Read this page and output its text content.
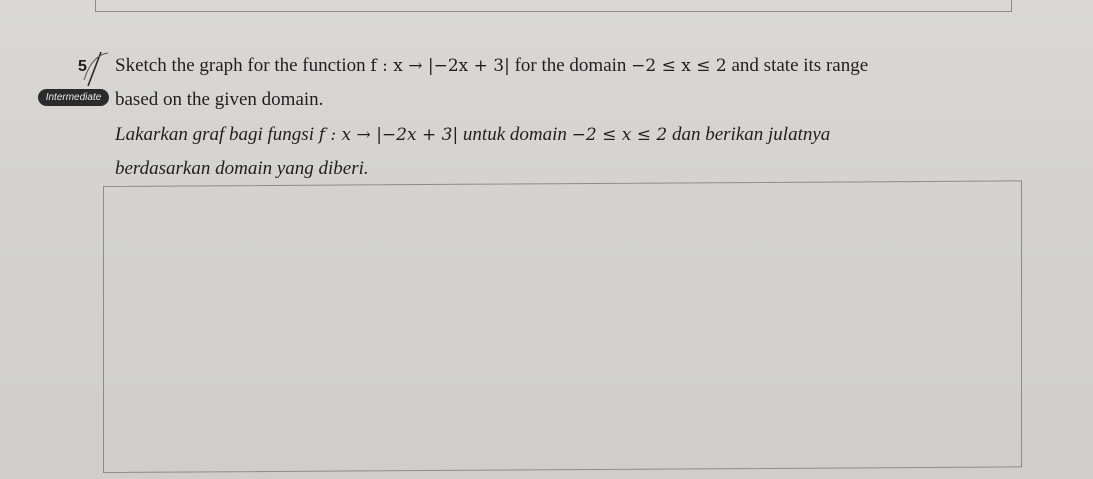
5
Intermediate
Sketch the graph for the function f : x → |−2x + 3| for the domain −2 ≤ x ≤ 2 and state its range
based on the given domain.
Lakarkan graf bagi fungsi f : x → |−2x + 3| untuk domain −2 ≤ x ≤ 2 dan berikan julatnya
berdasarkan domain yang diberi.
